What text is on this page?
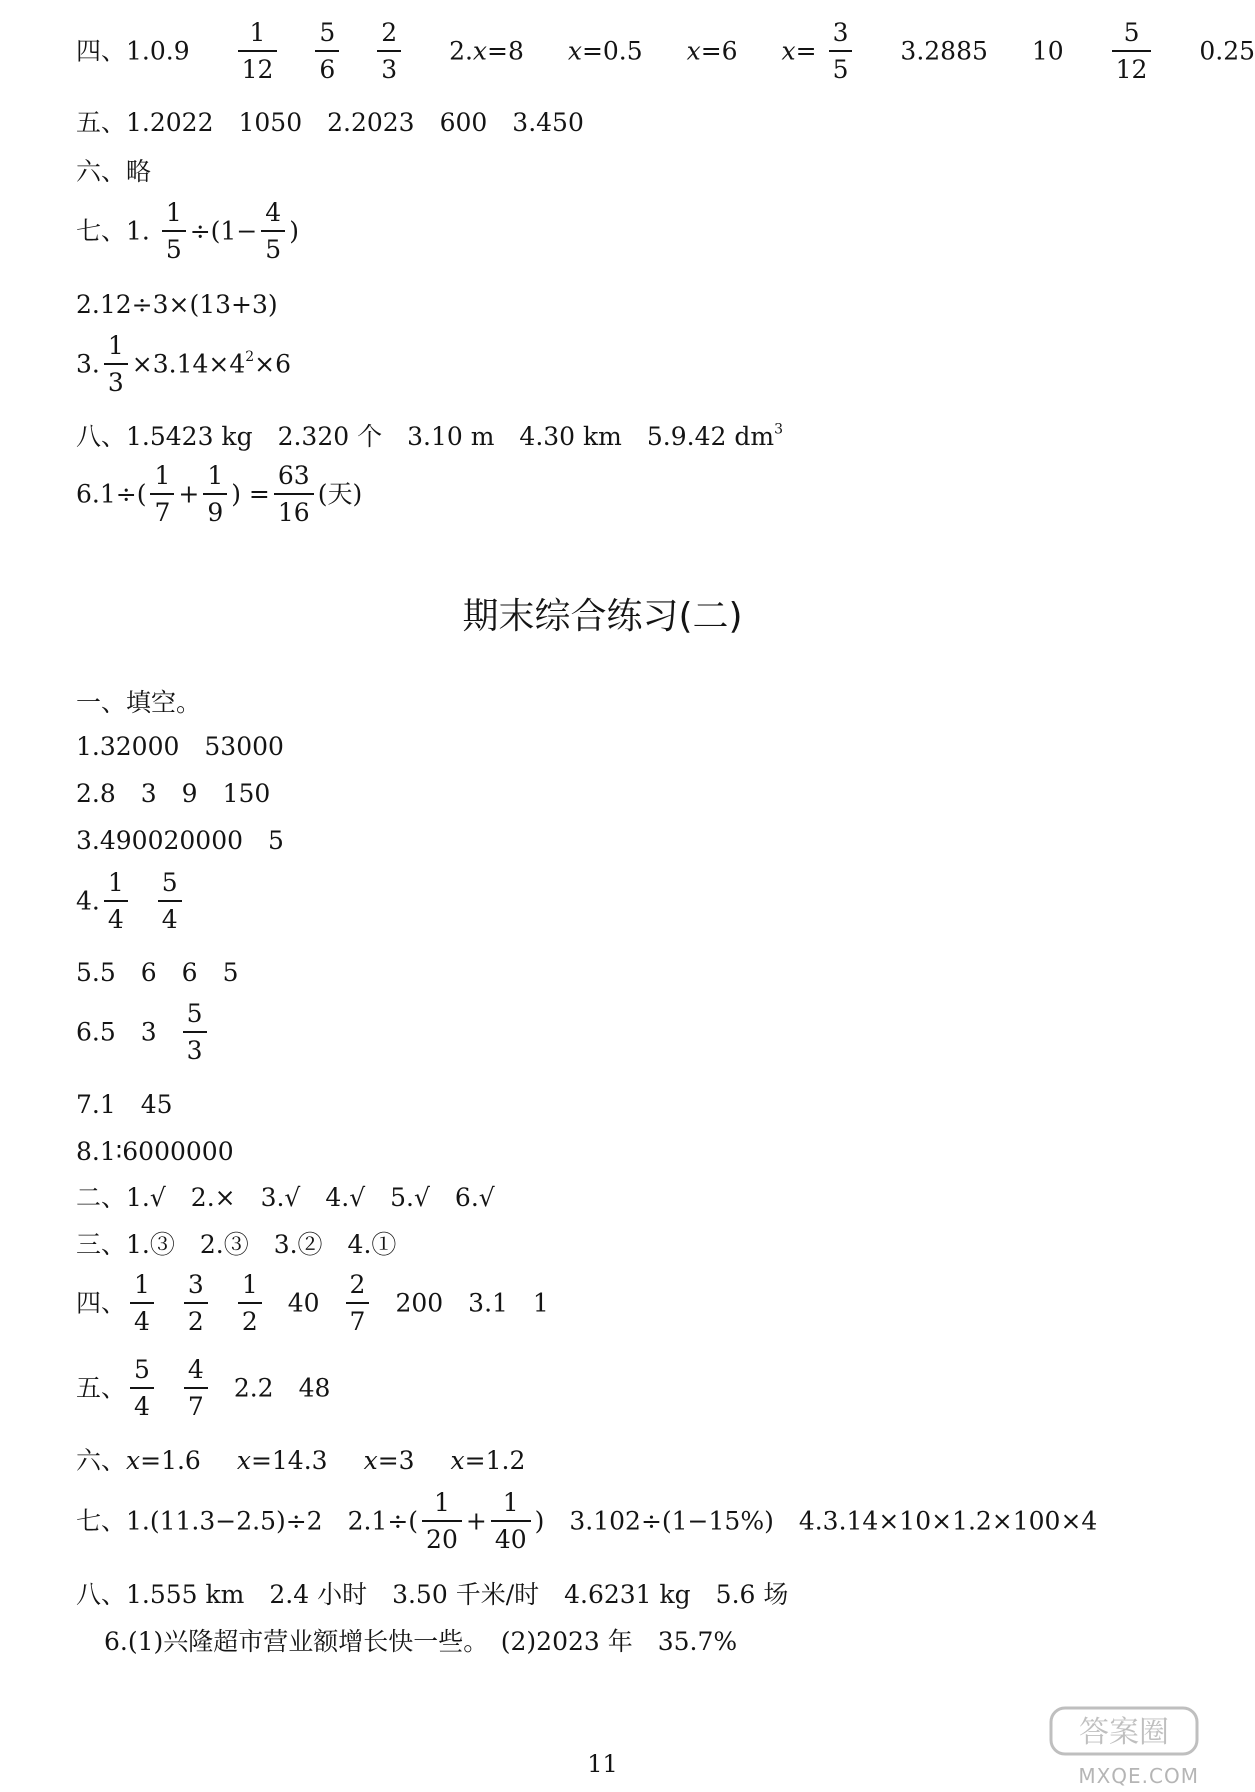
四、$1.0.9 \frac{1}{12}$
$\frac{5}{6}$
$\frac{2}{3} 2.x=8$ x=0.5 x=6 $x= \frac{3}{5} 3.2885$ $10 \frac{5}{12} 0.25$
五、1.2022　1050　2.2023　600　3.450
六、略
七、1. $\frac{1}{5} \div(1- \frac{4}{5}$ )
2.12÷3×(13+3)
3. $\frac{1}{3} \times 3.14\times 4^2\times 6$
八、1.5423 kg　2.320 个　3.10 m　4.30 km　5.9.42 $dm^3$
$6.1\div( \frac{1}{7} + \frac{1}{9}$ ) = $\frac{63}{16}$ (天)
期末综合练习(二)
一、填空。
1.32000　53000
2.8　3　9　150
3.490020000　5
4. $\frac{1}{4} \frac{5}{4}$
5.5　6　6　5
6.5　$3 \frac{5}{3}$
7.1　45
8.1∶6000000
二、1.√　2.×　3.√　4.√　5.√　6.√
三、1.③　2.③　3.②　4.①
四、 $\frac{1}{4} \frac{3}{2} \frac{1}{2} 40 \frac{2}{7} 200$　3.1　1
五、 $\frac{5}{4} \frac{4}{7} 2.2$　48
六、x=1.6 x=14.3 x=3 x=1.2
七、1.(11.3−2.5)÷2　$2.1\div( \frac{1}{20} + \frac{1}{40}$ )　3.102÷(1−15%)　4.3.14×10×1.2×100×4
八、1.555 km　2.4 小时　3.50 千米/时　4.6231 kg　5.6 场
6.(1)兴隆超市营业额增长快一些。　(2)2023 年　35.7%
11
答案圈
MXQE.COM
